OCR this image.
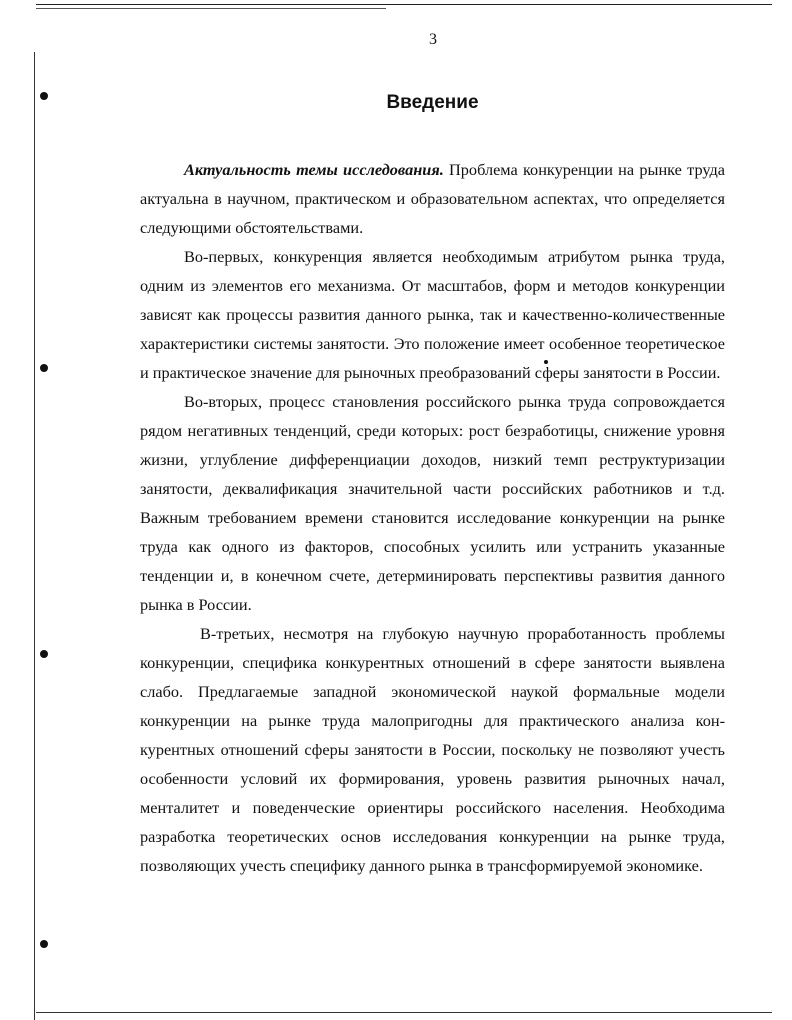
3
Введение

Актуальность темы исследования. Проблема конкуренции на рынке труда актуальна в научном, практическом и образовательном аспектах, что определяется следующими обстоятельствами.

Во-первых, конкуренция является необходимым атрибутом рынка труда, одним из элементов его механизма. От масштабов, форм и методов конкуренции зависят как процессы развития данного рынка, так и качественно-количественные характеристики системы занятости. Это положение имеет особенное теоретическое и практическое значение для рыночных преобразований сферы занятости в России.

Во-вторых, процесс становления российского рынка труда сопровождается рядом негативных тенденций, среди которых: рост безработицы, снижение уровня жизни, углубление дифференциации доходов, низкий темп реструктуризации занятости, деквалификация значительной части российских работников и т.д. Важным требованием времени становится исследование конкуренции на рынке труда как одного из факторов, способных усилить или устранить указанные тенденции и, в конечном счете, детерминировать перспективы развития данного рынка в России.

В-третьих, несмотря на глубокую научную проработанность проблемы конкуренции, специфика конкурентных отношений в сфере занятости выявлена слабо. Предлагаемые западной экономической наукой формальные модели конкуренции на рынке труда малопригодны для практического анализа конкурентных отношений сферы занятости в России, поскольку не позволяют учесть особенности условий их формирования, уровень развития рыночных начал, менталитет и поведенческие ориентиры российского населения. Необходима разработка теоретических основ исследования конкуренции на рынке труда, позволяющих учесть специфику данного рынка в трансформируемой экономике.
